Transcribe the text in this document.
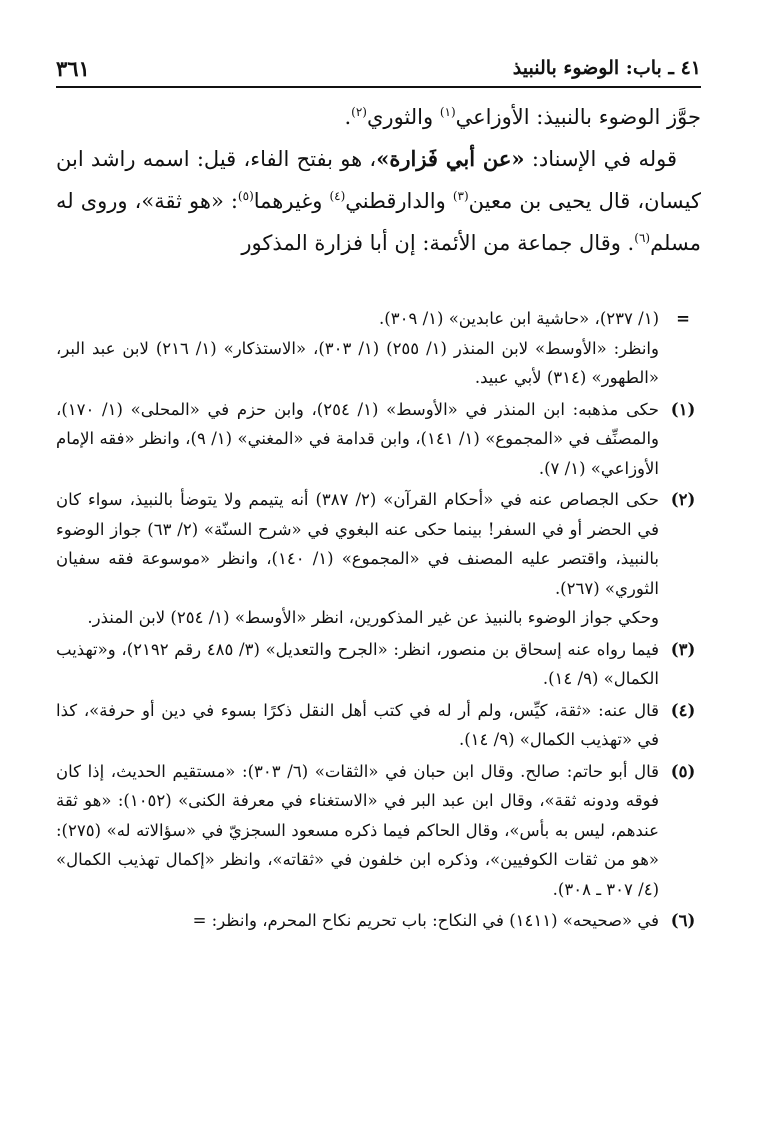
٣٦١	٤١ ـ باب: الوضوء بالنبيذ

جوَّز الوضوء بالنبيذ: الأوزاعي$^{(١)}$ والثوري$^{(٢)}$.

قوله في الإسناد: «عن أبي فَزارة»، هو بفتح الفاء، قيل: اسمه راشد ابن كيسان، قال يحيى بن معين$^{(٣)}$ والدارقطني$^{(٤)}$ وغيرهما$^{(٥)}$: «هو ثقة»، وروى له مسلم$^{(٦)}$. وقال جماعة من الأئمة: إن أبا فزارة المذكور

=

(١/ ٢٣٧)، «حاشية ابن عابدين» (١/ ٣٠٩).

وانظر: «الأوسط» لابن المنذر (١/ ٢٥٥) (١/ ٣٠٣)، «الاستذكار» (١/ ٢١٦) لابن عبد البر، «الطهور» (٣١٤) لأبي عبيد.

(١)

حكى مذهبه: ابن المنذر في «الأوسط» (١/ ٢٥٤)، وابن حزم في «المحلى» (١/ ١٧٠)، والمصنِّف في «المجموع» (١/ ١٤١)، وابن قدامة في «المغني» (١/ ٩)، وانظر «فقه الإمام الأوزاعي» (١/ ٧).

(٢)

حكى الجصاص عنه في «أحكام القرآن» (٢/ ٣٨٧) أنه يتيمم ولا يتوضأ بالنبيذ، سواء كان في الحضر أو في السفر! بينما حكى عنه البغوي في «شرح السنّة» (٢/ ٦٣) جواز الوضوء بالنبيذ، واقتصر عليه المصنف في «المجموع» (١/ ١٤٠)، وانظر «موسوعة فقه سفيان الثوري» (٢٦٧).

وحكي جواز الوضوء بالنبيذ عن غير المذكورين، انظر «الأوسط» (١/ ٢٥٤) لابن المنذر.

(٣)

فيما رواه عنه إسحاق بن منصور، انظر: «الجرح والتعديل» (٣/ ٤٨٥ رقم ٢١٩٢)، و«تهذيب الكمال» (٩/ ١٤).

(٤)

قال عنه: «ثقة، كيِّس، ولم أر له في كتب أهل النقل ذكرًا بسوء في دين أو حرفة»، كذا في «تهذيب الكمال» (٩/ ١٤).

(٥)

قال أبو حاتم: صالح. وقال ابن حبان في «الثقات» (٦/ ٣٠٣): «مستقيم الحديث، إذا كان فوقه ودونه ثقة»، وقال ابن عبد البر في «الاستغناء في معرفة الكنى» (١٠٥٢): «هو ثقة عندهم، ليس به بأس»، وقال الحاكم فيما ذكره مسعود السجزيّ في «سؤالاته له» (٢٧٥): «هو من ثقات الكوفيين»، وذكره ابن خلفون في «ثقاته»، وانظر «إكمال تهذيب الكمال» (٤/ ٣٠٧ ـ ٣٠٨).

(٦)

في «صحيحه» (١٤١١) في النكاح: باب تحريم نكاح المحرم، وانظر: =
